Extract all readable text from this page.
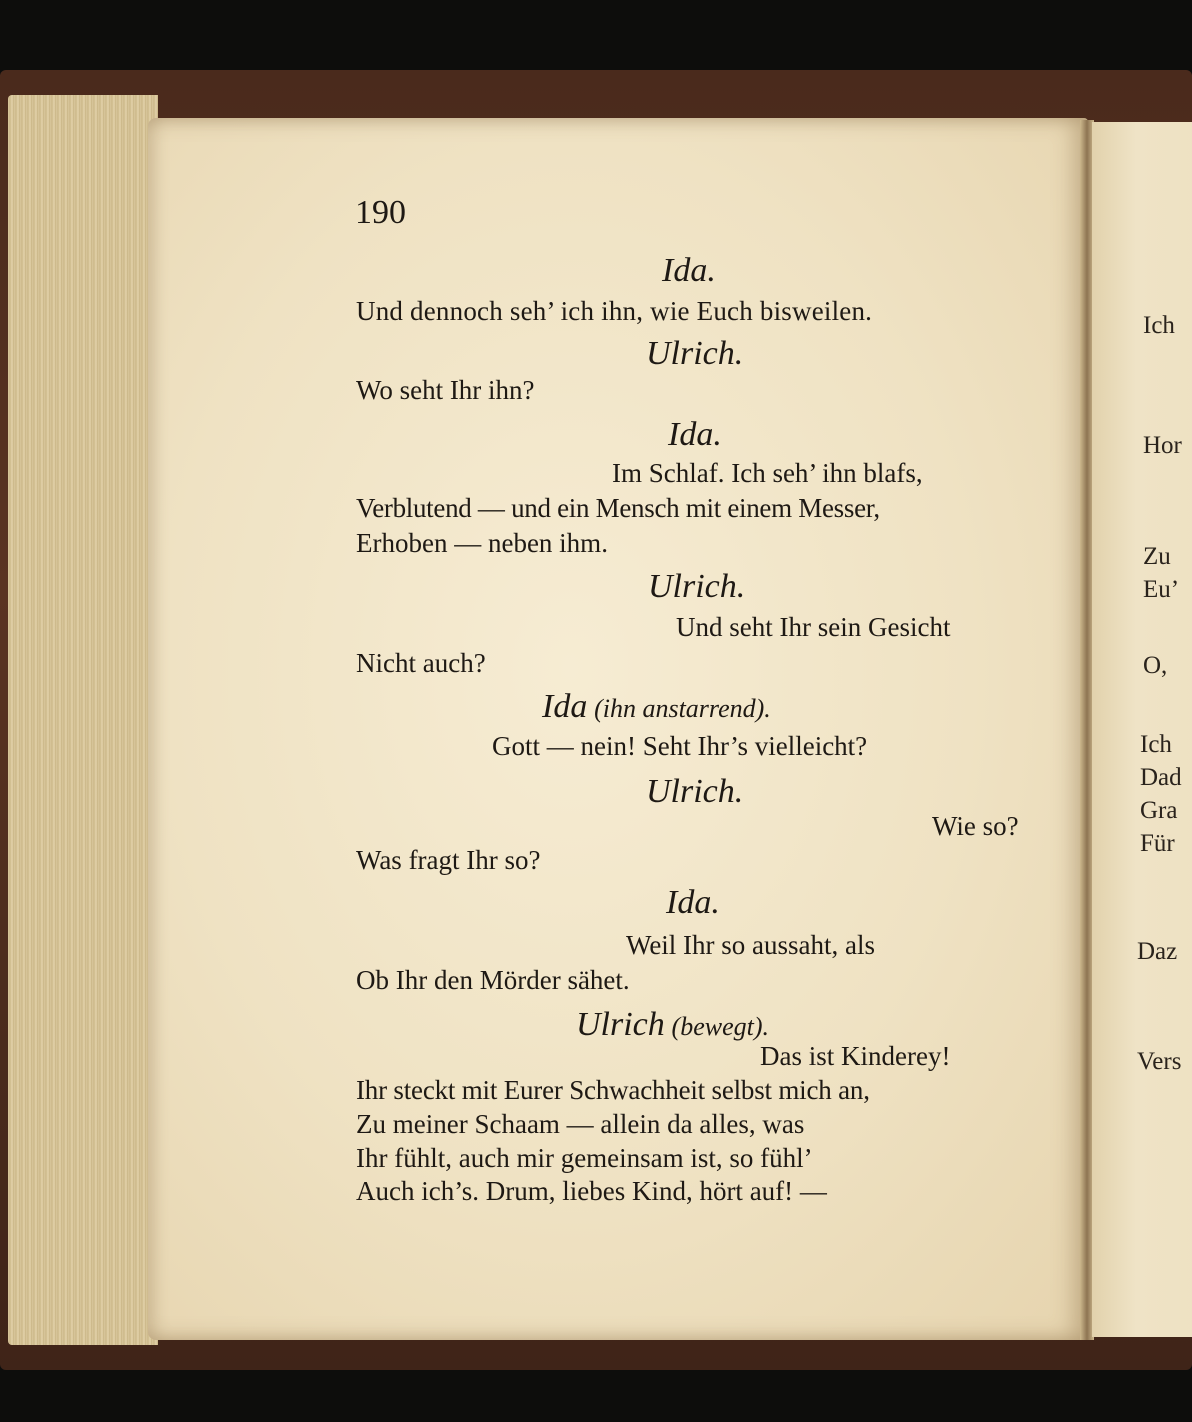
190
Ida.
Und dennoch seh’ ich ihn, wie Euch bisweilen.
Ulrich.
Wo seht Ihr ihn?
Ida.
Im Schlaf. Ich seh’ ihn blafs,
Verblutend — und ein Mensch mit einem Messer,
Erhoben — neben ihm.
Ulrich.
Und seht Ihr sein Gesicht
Nicht auch?
Ida (ihn anstarrend).
Gott — nein! Seht Ihr’s vielleicht?
Ulrich.
Wie so?
Was fragt Ihr so?
Ida.
Weil Ihr so aussaht, als
Ob Ihr den Mörder sähet.
Ulrich (bewegt).
Das ist Kinderey!
Ihr steckt mit Eurer Schwachheit selbst mich an,
Zu meiner Schaam — allein da alles, was
Ihr fühlt, auch mir gemeinsam ist, so fühl’
Auch ich’s. Drum, liebes Kind, hört auf! —
Ich
Hor
Zu
Eu’
O,
Ich
Dad
Gra
Für
Daz
Vers
